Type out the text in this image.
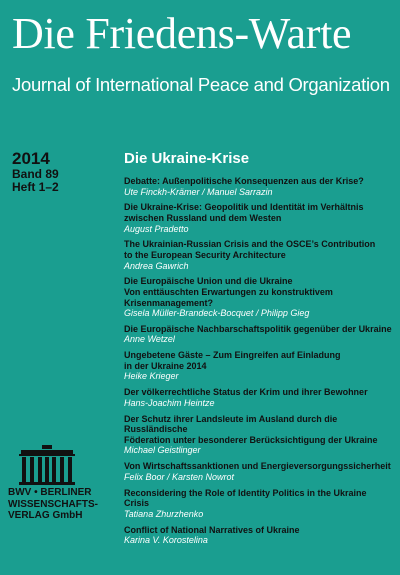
Die Friedens-Warte
Journal of International Peace and Organization
2014
Band 89
Heft 1–2
Die Ukraine-Krise
Debatte: Außenpolitische Konsequenzen aus der Krise?
Ute Finckh-Krämer / Manuel Sarrazin
Die Ukraine-Krise: Geopolitik und Identität im Verhältnis
zwischen Russland und dem Westen
August Pradetto
The Ukrainian-Russian Crisis and the OSCE’s Contribution
to the European Security Architecture
Andrea Gawrich
Die Europäische Union und die Ukraine
Von enttäuschten Erwartungen zu konstruktivem
Krisenmanagement?
Gisela Müller-Brandeck-Bocquet / Philipp Gieg
Die Europäische Nachbarschaftspolitik gegenüber der Ukraine
Anne Wetzel
Ungebetene Gäste – Zum Eingreifen auf Einladung
in der Ukraine 2014
Heike Krieger
Der völkerrechtliche Status der Krim und ihrer Bewohner
Hans-Joachim Heintze
Der Schutz ihrer Landsleute im Ausland durch die Russländische
Föderation unter besonderer Berücksichtigung der Ukraine
Michael Geistlinger
Von Wirtschaftssanktionen und Energieversorgungssicherheit
Felix Boor / Karsten Nowrot
Reconsidering the Role of Identity Politics in the Ukraine Crisis
Tatiana Zhurzhenko
Conflict of National Narratives of Ukraine
Karina V. Korostelina
BWV • BERLINER
WISSENSCHAFTS-
VERLAG GmbH
